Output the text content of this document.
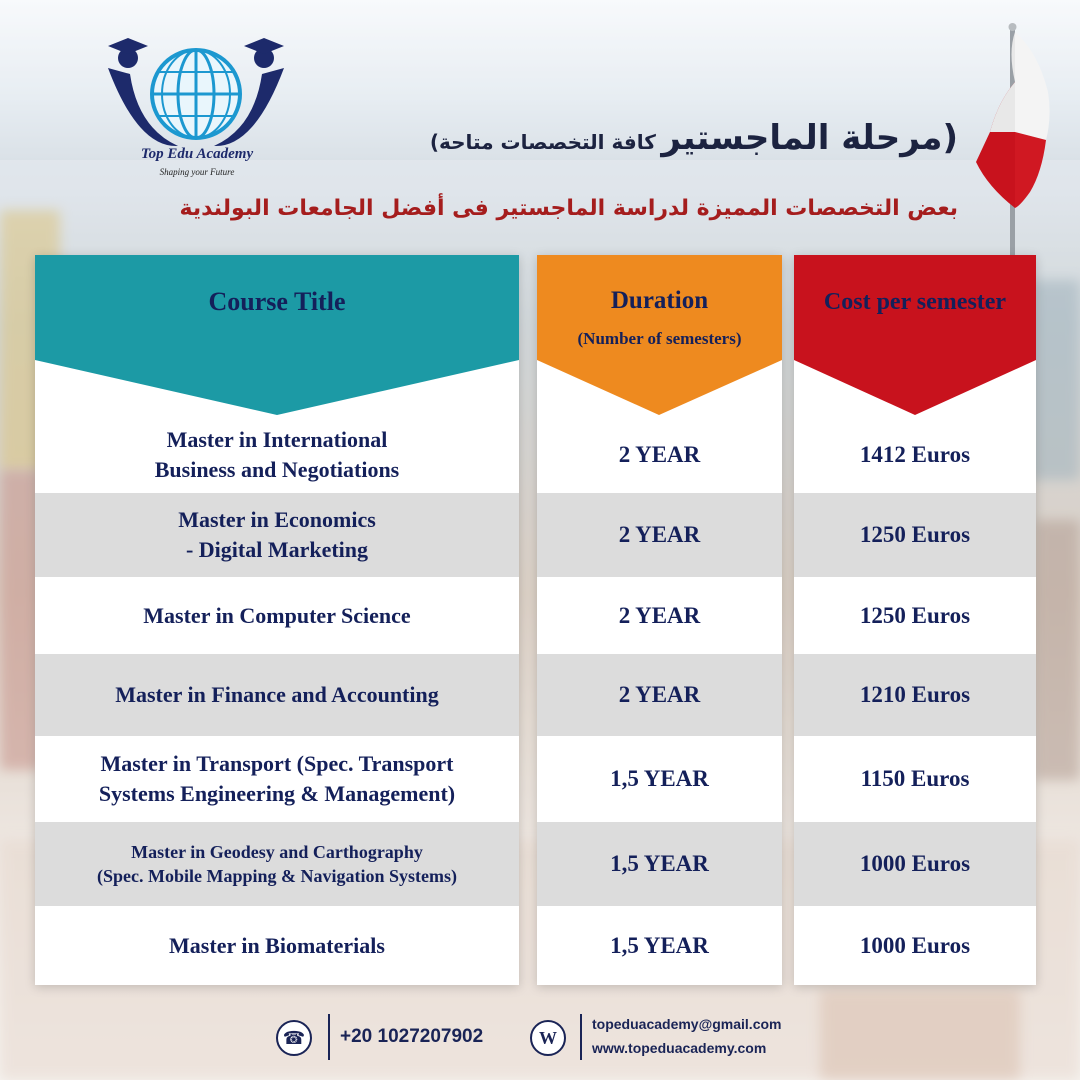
Top Edu Academy
Shaping your Future
(مرحلة الماجستير كافة التخصصات متاحة)
بعض التخصصات المميزة لدراسة الماجستير فى أفضل الجامعات البولندية
Course Title
Master in International
Business and Negotiations
Master in Economics
- Digital Marketing
Master in Computer Science
Master in Finance and Accounting
Master in Transport (Spec. Transport
Systems Engineering & Management)
Master in Geodesy and Carthography
(Spec. Mobile Mapping & Navigation Systems)
Master in Biomaterials
Duration
(Number of semesters)
2 YEAR
2 YEAR
2 YEAR
2 YEAR
1,5 YEAR
1,5 YEAR
1,5 YEAR
Cost per semester
1412 Euros
1250 Euros
1250 Euros
1210 Euros
1150 Euros
1000 Euros
1000 Euros
☎	+20 1027207902	W
topeduacademy@gmail.com
www.topeduacademy.com
